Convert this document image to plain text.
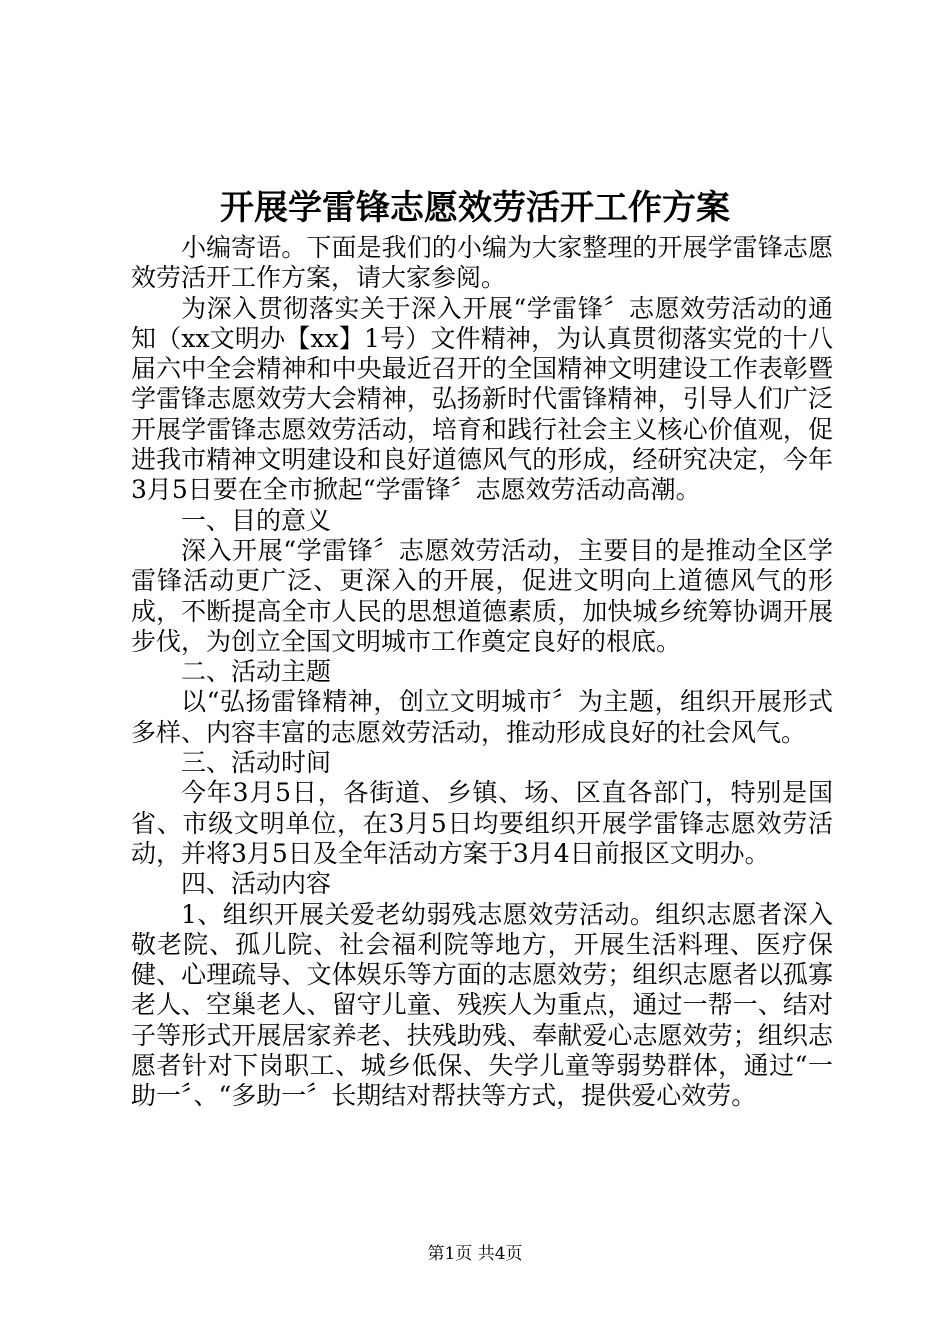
开展学雷锋志愿效劳活开工作方案

小编寄语。下面是我们的小编为大家整理的开展学雷锋志愿效劳活开工作方案，请大家参阅。

为深入贯彻落实关于深入开展“学雷锋〞志愿效劳活动的通知（xx文明办【xx】1号）文件精神，为认真贯彻落实党的十八届六中全会精神和中央最近召开的全国精神文明建设工作表彰暨学雷锋志愿效劳大会精神，弘扬新时代雷锋精神，引导人们广泛开展学雷锋志愿效劳活动，培育和践行社会主义核心价值观，促进我市精神文明建设和良好道德风气的形成，经研究决定，今年3月5日要在全市掀起“学雷锋〞志愿效劳活动高潮。

一、目的意义

深入开展“学雷锋〞志愿效劳活动，主要目的是推动全区学雷锋活动更广泛、更深入的开展，促进文明向上道德风气的形成，不断提高全市人民的思想道德素质，加快城乡统筹协调开展步伐，为创立全国文明城市工作奠定良好的根底。

二、活动主题

以“弘扬雷锋精神，创立文明城市〞为主题，组织开展形式多样、内容丰富的志愿效劳活动，推动形成良好的社会风气。

三、活动时间

今年3月5日，各街道、乡镇、场、区直各部门，特别是国省、市级文明单位，在3月5日均要组织开展学雷锋志愿效劳活动，并将3月5日及全年活动方案于3月4日前报区文明办。

四、活动内容

1、组织开展关爱老幼弱残志愿效劳活动。组织志愿者深入敬老院、孤儿院、社会福利院等地方，开展生活料理、医疗保健、心理疏导、文体娱乐等方面的志愿效劳；组织志愿者以孤寡老人、空巢老人、留守儿童、残疾人为重点，通过一帮一、结对子等形式开展居家养老、扶残助残、奉献爱心志愿效劳；组织志愿者针对下岗职工、城乡低保、失学儿童等弱势群体，通过“一助一〞、“多助一〞长期结对帮扶等方式，提供爱心效劳。

第1页 共4页
